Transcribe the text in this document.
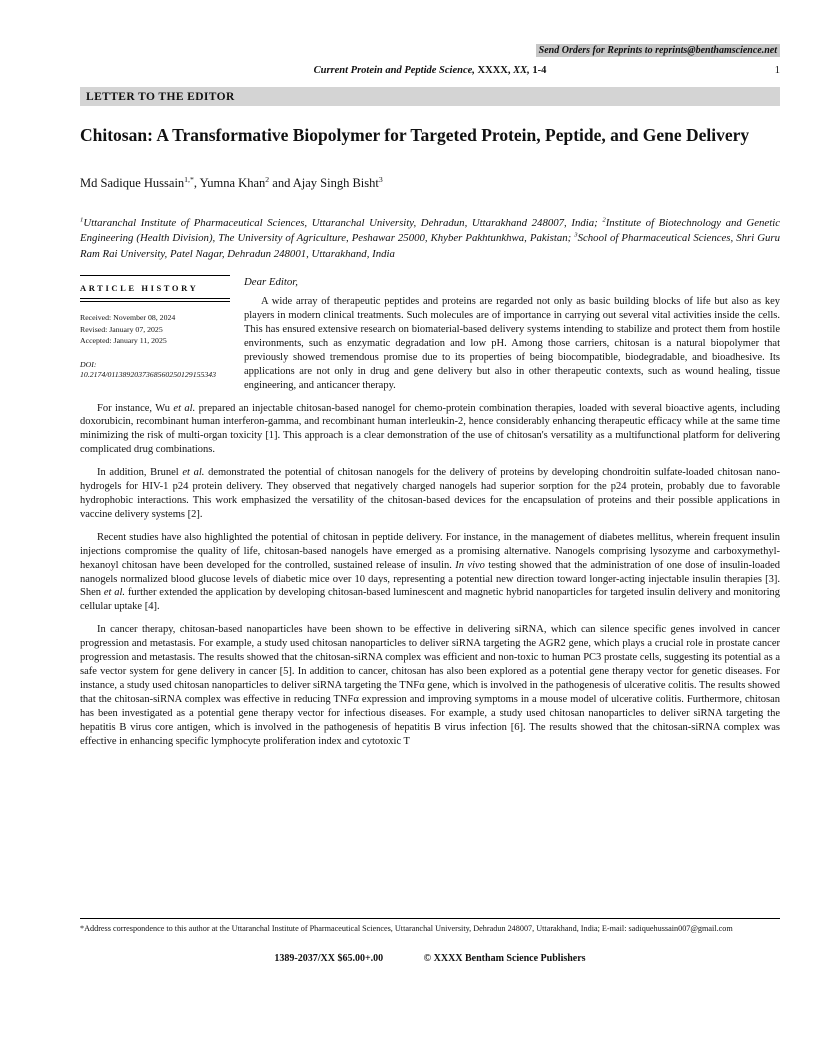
Send Orders for Reprints to reprints@benthamscience.net
Current Protein and Peptide Science, XXXX, XX, 1-4	1
LETTER TO THE EDITOR
Chitosan: A Transformative Biopolymer for Targeted Protein, Peptide, and Gene Delivery
Md Sadique Hussain$^{1,*}$, Yumna Khan$^2$ and Ajay Singh Bisht$^3$
$^1$Uttaranchal Institute of Pharmaceutical Sciences, Uttaranchal University, Dehradun, Uttarakhand 248007, India; $^2$Institute of Biotechnology and Genetic Engineering (Health Division), The University of Agriculture, Peshawar 25000, Khyber Pakhtunkhwa, Pakistan; $^3$School of Pharmaceutical Sciences, Shri Guru Ram Rai University, Patel Nagar, Dehradun 248001, Uttarakhand, India
ARTICLE HISTORY
Received: November 08, 2024
Revised: January 07, 2025
Accepted: January 11, 2025
DOI:
10.2174/0113892037368560250129155343

Dear Editor,

A wide array of therapeutic peptides and proteins are regarded not only as basic building blocks of life but also as key players in modern clinical treatments. Such molecules are of importance in carrying out several vital activities inside the cells. This has ensured extensive research on biomaterial-based delivery systems intending to stabilize and protect them from hostile environments, such as enzymatic degradation and low pH. Among those carriers, chitosan is a natural biopolymer that previously showed tremendous promise due to its properties of being biocompatible, biodegradable, and bioadhesive. Its applications are not only in drug and gene delivery but also in other therapeutic contexts, such as wound healing, tissue engineering, and anticancer therapy.

For instance, Wu et al. prepared an injectable chitosan-based nanogel for chemo-protein combination therapies, loaded with several bioactive agents, including doxorubicin, recombinant human interferon-gamma, and recombinant human interleukin-2, hence considerably enhancing therapeutic efficacy while at the same time minimizing the risk of multi-organ toxicity [1]. This approach is a clear demonstration of the use of chitosan's versatility as a multifunctional platform for delivering complicated drug combinations.

In addition, Brunel et al. demonstrated the potential of chitosan nanogels for the delivery of proteins by developing chondroitin sulfate-loaded chitosan nano-hydrogels for HIV-1 p24 protein delivery. They observed that negatively charged nanogels had superior sorption for the p24 protein, probably due to favorable hydrophobic interactions. This work emphasized the versatility of the chitosan-based devices for the encapsulation of proteins and their possible applications in vaccine delivery systems [2].

Recent studies have also highlighted the potential of chitosan in peptide delivery. For instance, in the management of diabetes mellitus, wherein frequent insulin injections compromise the quality of life, chitosan-based nanogels have emerged as a promising alternative. Nanogels comprising lysozyme and carboxymethyl-hexanoyl chitosan have been developed for the controlled, sustained release of insulin. In vivo testing showed that the administration of one dose of insulin-loaded nanogels normalized blood glucose levels of diabetic mice over 10 days, representing a potential new direction toward longer-acting injectable insulin therapies [3]. Shen et al. further extended the application by developing chitosan-based luminescent and magnetic hybrid nanoparticles for targeted insulin delivery and monitoring cellular uptake [4].

In cancer therapy, chitosan-based nanoparticles have been shown to be effective in delivering siRNA, which can silence specific genes involved in cancer progression and metastasis. For example, a study used chitosan nanoparticles to deliver siRNA targeting the AGR2 gene, which plays a crucial role in prostate cancer progression and metastasis. The results showed that the chitosan-siRNA complex was efficient and non-toxic to human PC3 prostate cells, suggesting its potential as a safe vector system for gene delivery in cancer [5]. In addition to cancer, chitosan has also been explored as a potential gene therapy vector for genetic diseases. For instance, a study used chitosan nanoparticles to deliver siRNA targeting the TNFα gene, which is involved in the pathogenesis of ulcerative colitis. The results showed that the chitosan-siRNA complex was effective in reducing TNFα expression and improving symptoms in a mouse model of ulcerative colitis. Furthermore, chitosan has been investigated as a potential gene therapy vector for infectious diseases. For example, a study used chitosan nanoparticles to deliver siRNA targeting the hepatitis B virus core antigen, which is involved in the pathogenesis of hepatitis B virus infection [6]. The results showed that the chitosan-siRNA complex was effective in enhancing specific lymphocyte proliferation index and cytotoxic T

*Address correspondence to this author at the Uttaranchal Institute of Pharmaceutical Sciences, Uttaranchal University, Dehradun 248007, Uttarakhand, India; E-mail: sadiquehussain007@gmail.com
1389-2037/XX $65.00+.00	© XXXX Bentham Science Publishers
